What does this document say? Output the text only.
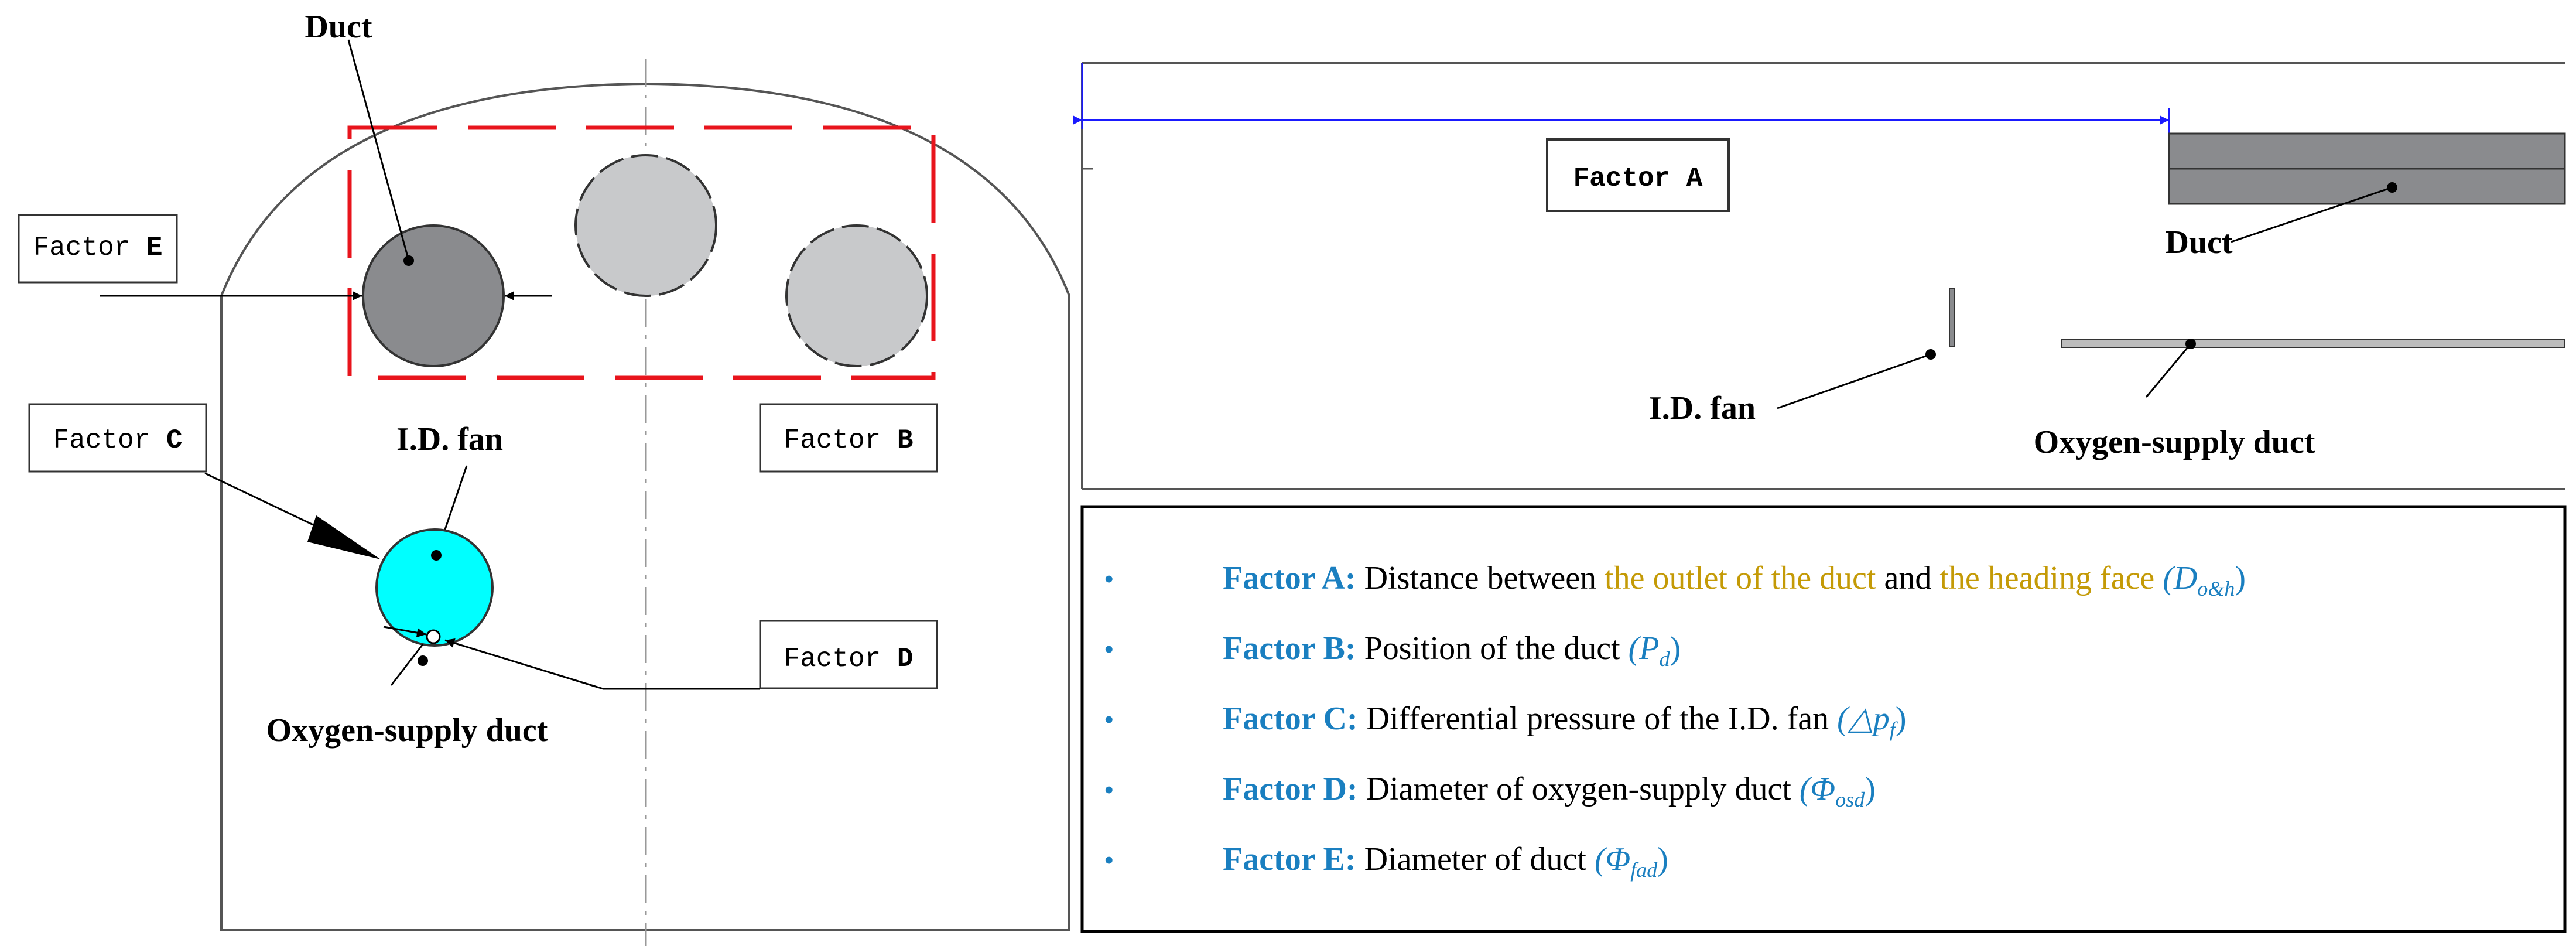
Duct
Factor E
Factor B
Factor C	I.D. fan
Factor D
Oxygen-supply duct
Factor A
Duct
I.D. fan
Oxygen-supply duct
•	Factor A: Distance between the outlet of the duct and the heading face $(D_{o\&h})$
•	Factor B: Position of the duct $(P_d)$
•	Factor C: Differential pressure of the I.D. fan $(\triangle p_f)$
•	Factor D: Diameter of oxygen-supply duct $(\Phi_{osd})$
•	Factor E: Diameter of duct $(\Phi_{fad})$
